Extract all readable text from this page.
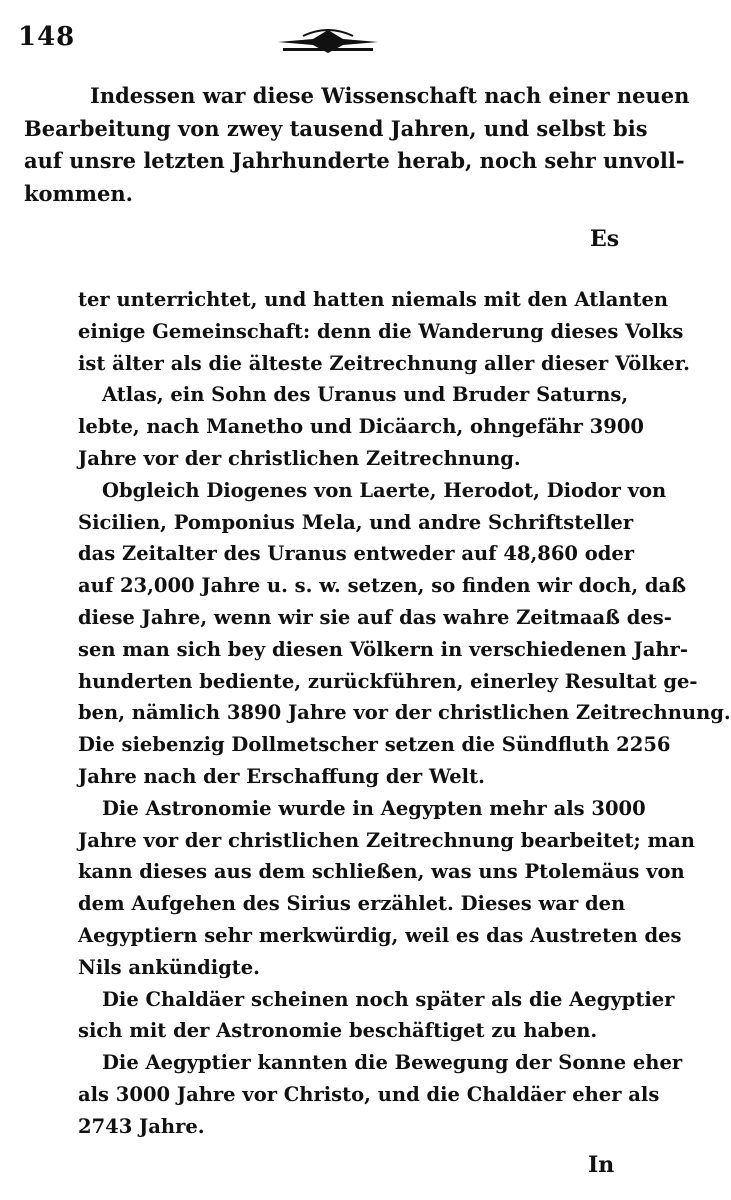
148
Indessen war diese Wissenschaft nach einer neuen
Bearbeitung von zwey tausend Jahren, und selbst bis
auf unsre letzten Jahrhunderte herab, noch sehr unvoll-
kommen.
Es
ter unterrichtet, und hatten niemals mit den Atlanten
einige Gemeinschaft: denn die Wanderung dieses Volks
ist älter als die älteste Zeitrechnung aller dieser Völker.
Atlas, ein Sohn des Uranus und Bruder Saturns,
lebte, nach Manetho und Dicäarch, ohngefähr 3900
Jahre vor der christlichen Zeitrechnung.
Obgleich Diogenes von Laerte, Herodot, Diodor von
Sicilien, Pomponius Mela, und andre Schriftsteller
das Zeitalter des Uranus entweder auf 48,860 oder
auf 23,000 Jahre u. s. w. setzen, so finden wir doch, daß
diese Jahre, wenn wir sie auf das wahre Zeitmaaß des-
sen man sich bey diesen Völkern in verschiedenen Jahr-
hunderten bediente, zurückführen, einerley Resultat ge-
ben, nämlich 3890 Jahre vor der christlichen Zeitrechnung.
Die siebenzig Dollmetscher setzen die Sündfluth 2256
Jahre nach der Erschaffung der Welt.
Die Astronomie wurde in Aegypten mehr als 3000
Jahre vor der christlichen Zeitrechnung bearbeitet; man
kann dieses aus dem schließen, was uns Ptolemäus von
dem Aufgehen des Sirius erzählet. Dieses war den
Aegyptiern sehr merkwürdig, weil es das Austreten des
Nils ankündigte.
Die Chaldäer scheinen noch später als die Aegyptier
sich mit der Astronomie beschäftiget zu haben.
Die Aegyptier kannten die Bewegung der Sonne eher
als 3000 Jahre vor Christo, und die Chaldäer eher als
2743 Jahre.
In
